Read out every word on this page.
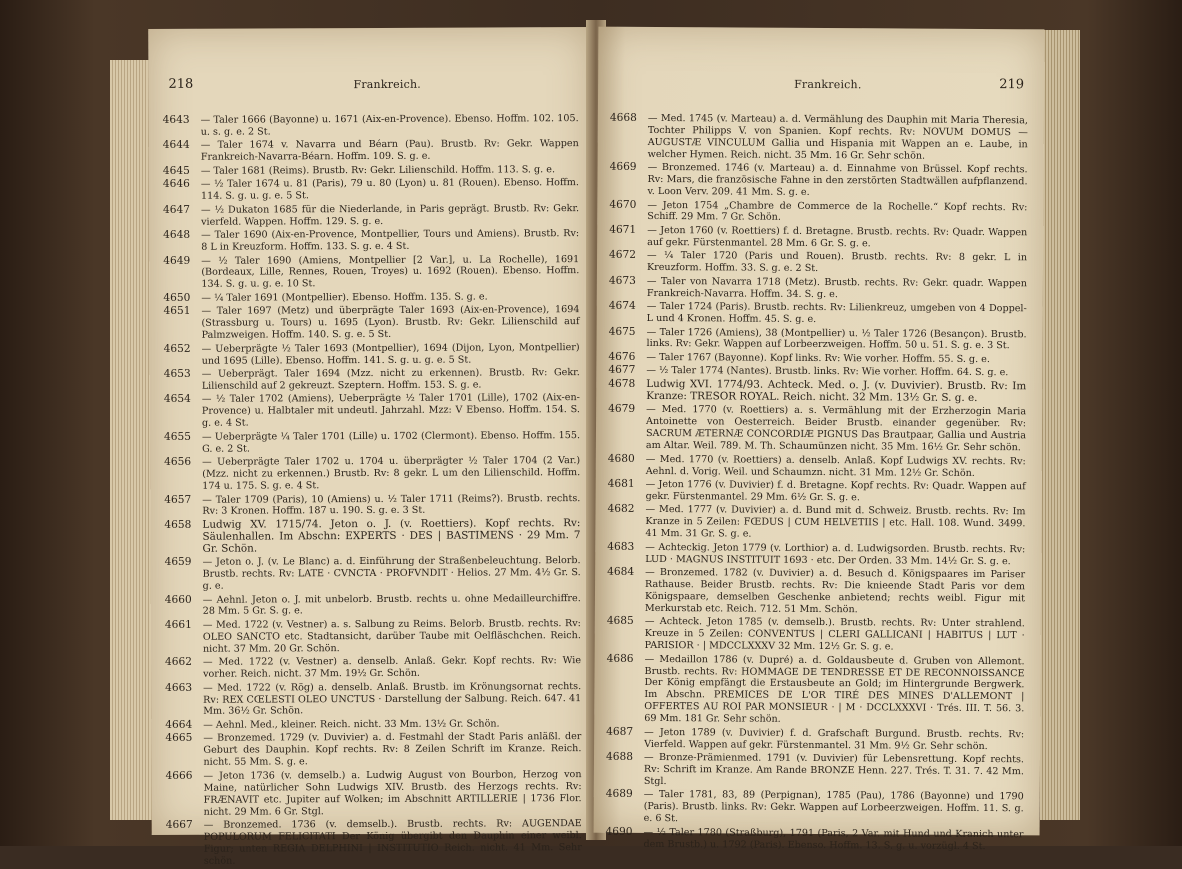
218	Frankreich.
4643 — Taler 1666 (Bayonne) u. 1671 (Aix-en-Provence). Ebenso. Hoffm. 102. 105. u. s. g. e. 2 St.
4644 — Taler 1674 v. Navarra und Béarn (Pau). Brustb. Rv: Gekr. Wappen Frankreich-Navarra-Béarn. Hoffm. 109. S. g. e.
4645 — Taler 1681 (Reims). Brustb. Rv: Gekr. Lilienschild. Hoffm. 113. S. g. e.
4646 — ½ Taler 1674 u. 81 (Paris), 79 u. 80 (Lyon) u. 81 (Rouen). Ebenso. Hoffm. 114. S. g. u. g. e. 5 St.
4647 — ½ Dukaton 1685 für die Niederlande, in Paris geprägt. Brustb. Rv: Gekr. vierfeld. Wappen. Hoffm. 129. S. g. e.
4648 — Taler 1690 (Aix-en-Provence, Montpellier, Tours und Amiens). Brustb. Rv: 8 L in Kreuzform. Hoffm. 133. S. g. e. 4 St.
4649 — ½ Taler 1690 (Amiens, Montpellier [2 Var.], u. La Rochelle), 1691 (Bordeaux, Lille, Rennes, Rouen, Troyes) u. 1692 (Rouen). Ebenso. Hoffm. 134. S. g. u. g. e. 10 St.
4650 — ¼ Taler 1691 (Montpellier). Ebenso. Hoffm. 135. S. g. e.
4651 — Taler 1697 (Metz) und überprägte Taler 1693 (Aix-en-Provence), 1694 (Strassburg u. Tours) u. 1695 (Lyon). Brustb. Rv: Gekr. Lilienschild auf Palmzweigen. Hoffm. 140. S. g. e. 5 St.
4652 — Ueberprägte ½ Taler 1693 (Montpellier), 1694 (Dijon, Lyon, Montpellier) und 1695 (Lille). Ebenso. Hoffm. 141. S. g. u. g. e. 5 St.
4653 — Ueberprägt. Taler 1694 (Mzz. nicht zu erkennen). Brustb. Rv: Gekr. Lilienschild auf 2 gekreuzt. Szeptern. Hoffm. 153. S. g. e.
4654 — ½ Taler 1702 (Amiens), Ueberprägte ½ Taler 1701 (Lille), 1702 (Aix-en-Provence) u. Halbtaler mit undeutl. Jahrzahl. Mzz: V Ebenso. Hoffm. 154. S. g. e. 4 St.
4655 — Ueberprägte ¼ Taler 1701 (Lille) u. 1702 (Clermont). Ebenso. Hoffm. 155. G. e. 2 St.
4656 — Ueberprägte Taler 1702 u. 1704 u. überprägter ½ Taler 1704 (2 Var.) (Mzz. nicht zu erkennen.) Brustb. Rv: 8 gekr. L um den Lilienschild. Hoffm. 174 u. 175. S. g. e. 4 St.
4657 — Taler 1709 (Paris), 10 (Amiens) u. ½ Taler 1711 (Reims?). Brustb. rechts. Rv: 3 Kronen. Hoffm. 187 u. 190. S. g. e. 3 St.
4658 Ludwig XV. 1715/74. Jeton o. J. (v. Roettiers). Kopf rechts. Rv: Säulenhallen. Im Abschn: EXPERTS · DES | BASTIMENS · 29 Mm. 7 Gr. Schön.
4659 — Jeton o. J. (v. Le Blanc) a. d. Einführung der Straßenbeleuchtung. Belorb. Brustb. rechts. Rv: LATE · CVNCTA · PROFVNDIT · Helios. 27 Mm. 4½ Gr. S. g. e.
4660 — Aehnl. Jeton o. J. mit unbelorb. Brustb. rechts u. ohne Medailleurchiffre. 28 Mm. 5 Gr. S. g. e.
4661 — Med. 1722 (v. Vestner) a. s. Salbung zu Reims. Belorb. Brustb. rechts. Rv: OLEO SANCTO etc. Stadtansicht, darüber Taube mit Oelfläschchen. Reich. nicht. 37 Mm. 20 Gr. Schön.
4662 — Med. 1722 (v. Vestner) a. denselb. Anlaß. Gekr. Kopf rechts. Rv: Wie vorher. Reich. nicht. 37 Mm. 19½ Gr. Schön.
4663 — Med. 1722 (v. Rög) a. denselb. Anlaß. Brustb. im Krönungsornat rechts. Rv: REX CŒLESTI OLEO UNCTUS · Darstellung der Salbung. Reich. 647. 41 Mm. 36½ Gr. Schön.
4664 — Aehnl. Med., kleiner. Reich. nicht. 33 Mm. 13½ Gr. Schön.
4665 — Bronzemed. 1729 (v. Duvivier) a. d. Festmahl der Stadt Paris anläßl. der Geburt des Dauphin. Kopf rechts. Rv: 8 Zeilen Schrift im Kranze. Reich. nicht. 55 Mm. S. g. e.
4666 — Jeton 1736 (v. demselb.) a. Ludwig August von Bourbon, Herzog von Maine, natürlicher Sohn Ludwigs XIV. Brustb. des Herzogs rechts. Rv: FRÆNAVIT etc. Jupiter auf Wolken; im Abschnitt ARTILLERIE | 1736 Flor. nicht. 29 Mm. 6 Gr. Stgl.
4667 — Bronzemed. 1736 (v. demselb.). Brustb. rechts. Rv: AUGENDAE POPULORUM FELICITATI Der König übergibt den Dauphin einer weibl. Figur; unten REGIA DELPHINI | INSTITUTIO Reich. nicht. 41 Mm. Sehr schön.
219
Frankreich.
4668 — Med. 1745 (v. Marteau) a. d. Vermählung des Dauphin mit Maria Theresia, Tochter Philipps V. von Spanien. Kopf rechts. Rv: NOVUM DOMUS — AUGUSTÆ VINCULUM Gallia und Hispania mit Wappen an e. Laube, in welcher Hymen. Reich. nicht. 35 Mm. 16 Gr. Sehr schön.
4669 — Bronzemed. 1746 (v. Marteau) a. d. Einnahme von Brüssel. Kopf rechts. Rv: Mars, die französische Fahne in den zerstörten Stadtwällen aufpflanzend. v. Loon Verv. 209. 41 Mm. S. g. e.
4670 — Jeton 1754 „Chambre de Commerce de la Rochelle.“ Kopf rechts. Rv: Schiff. 29 Mm. 7 Gr. Schön.
4671 — Jeton 1760 (v. Roettiers) f. d. Bretagne. Brustb. rechts. Rv: Quadr. Wappen auf gekr. Fürstenmantel. 28 Mm. 6 Gr. S. g. e.
4672 — ¼ Taler 1720 (Paris und Rouen). Brustb. rechts. Rv: 8 gekr. L in Kreuzform. Hoffm. 33. S. g. e. 2 St.
4673 — Taler von Navarra 1718 (Metz). Brustb. rechts. Rv: Gekr. quadr. Wappen Frankreich-Navarra. Hoffm. 34. S. g. e.
4674 — Taler 1724 (Paris). Brustb. rechts. Rv: Lilienkreuz, umgeben von 4 Doppel-L und 4 Kronen. Hoffm. 45. S. g. e.
4675 — Taler 1726 (Amiens), 38 (Montpellier) u. ½ Taler 1726 (Besançon). Brustb. links. Rv: Gekr. Wappen auf Lorbeerzweigen. Hoffm. 50 u. 51. S. g. e. 3 St.
4676 — Taler 1767 (Bayonne). Kopf links. Rv: Wie vorher. Hoffm. 55. S. g. e.
4677 — ½ Taler 1774 (Nantes). Brustb. links. Rv: Wie vorher. Hoffm. 64. S. g. e.
4678 Ludwig XVI. 1774/93. Achteck. Med. o. J. (v. Duvivier). Brustb. Rv: Im Kranze: TRESOR ROYAL. Reich. nicht. 32 Mm. 13½ Gr. S. g. e.
4679 — Med. 1770 (v. Roettiers) a. s. Vermählung mit der Erzherzogin Maria Antoinette von Oesterreich. Beider Brustb. einander gegenüber. Rv: SACRUM ÆTERNÆ CONCORDIÆ PIGNUS Das Brautpaar, Gallia und Austria am Altar. Weil. 789. M. Th. Schaumünzen nicht. 35 Mm. 16½ Gr. Sehr schön.
4680 — Med. 1770 (v. Roettiers) a. denselb. Anlaß. Kopf Ludwigs XV. rechts. Rv: Aehnl. d. Vorig. Weil. und Schaumzn. nicht. 31 Mm. 12½ Gr. Schön.
4681 — Jeton 1776 (v. Duvivier) f. d. Bretagne. Kopf rechts. Rv: Quadr. Wappen auf gekr. Fürstenmantel. 29 Mm. 6½ Gr. S. g. e.
4682 — Med. 1777 (v. Duvivier) a. d. Bund mit d. Schweiz. Brustb. rechts. Rv: Im Kranze in 5 Zeilen: FŒDUS | CUM HELVETIIS | etc. Hall. 108. Wund. 3499. 41 Mm. 31 Gr. S. g. e.
4683 — Achteckig. Jeton 1779 (v. Lorthior) a. d. Ludwigsorden. Brustb. rechts. Rv: LUD · MAGNUS INSTITUIT 1693 · etc. Der Orden. 33 Mm. 14½ Gr. S. g. e.
4684 — Bronzemed. 1782 (v. Duvivier) a. d. Besuch d. Königspaares im Pariser Rathause. Beider Brustb. rechts. Rv: Die knieende Stadt Paris vor dem Königspaare, demselben Geschenke anbietend; rechts weibl. Figur mit Merkurstab etc. Reich. 712. 51 Mm. Schön.
4685 — Achteck. Jeton 1785 (v. demselb.). Brustb. rechts. Rv: Unter strahlend. Kreuze in 5 Zeilen: CONVENTUS | CLERI GALLICANI | HABITUS | LUT · PARISIOR · | MDCCLXXXV 32 Mm. 12½ Gr. S. g. e.
4686 — Medaillon 1786 (v. Dupré) a. d. Goldausbeute d. Gruben von Allemont. Brustb. rechts. Rv: HOMMAGE DE TENDRESSE ET DE RECONNOISSANCE Der König empfängt die Erstausbeute an Gold; im Hintergrunde Bergwerk. Im Abschn. PREMICES DE L'OR TIRÉ DES MINES D'ALLEMONT | OFFERTES AU ROI PAR MONSIEUR · | M · DCCLXXXVI · Trés. III. T. 56. 3. 69 Mm. 181 Gr. Sehr schön.
4687 — Jeton 1789 (v. Duvivier) f. d. Grafschaft Burgund. Brustb. rechts. Rv: Vierfeld. Wappen auf gekr. Fürstenmantel. 31 Mm. 9½ Gr. Sehr schön.
4688 — Bronze-Prämienmed. 1791 (v. Duvivier) für Lebensrettung. Kopf rechts. Rv: Schrift im Kranze. Am Rande BRONZE Henn. 227. Trés. T. 31. 7. 42 Mm. Stgl.
4689 — Taler 1781, 83, 89 (Perpignan), 1785 (Pau), 1786 (Bayonne) und 1790 (Paris). Brustb. links. Rv: Gekr. Wappen auf Lorbeerzweigen. Hoffm. 11. S. g. e. 6 St.
4690 — ½ Taler 1780 (Straßburg), 1791 (Paris, 2 Var. mit Hund und Kranich unter dem Brustb.) u. 1792 (Paris). Ebenso. Hoffm. 13. S. g. u. vorzügl. 4 St.
